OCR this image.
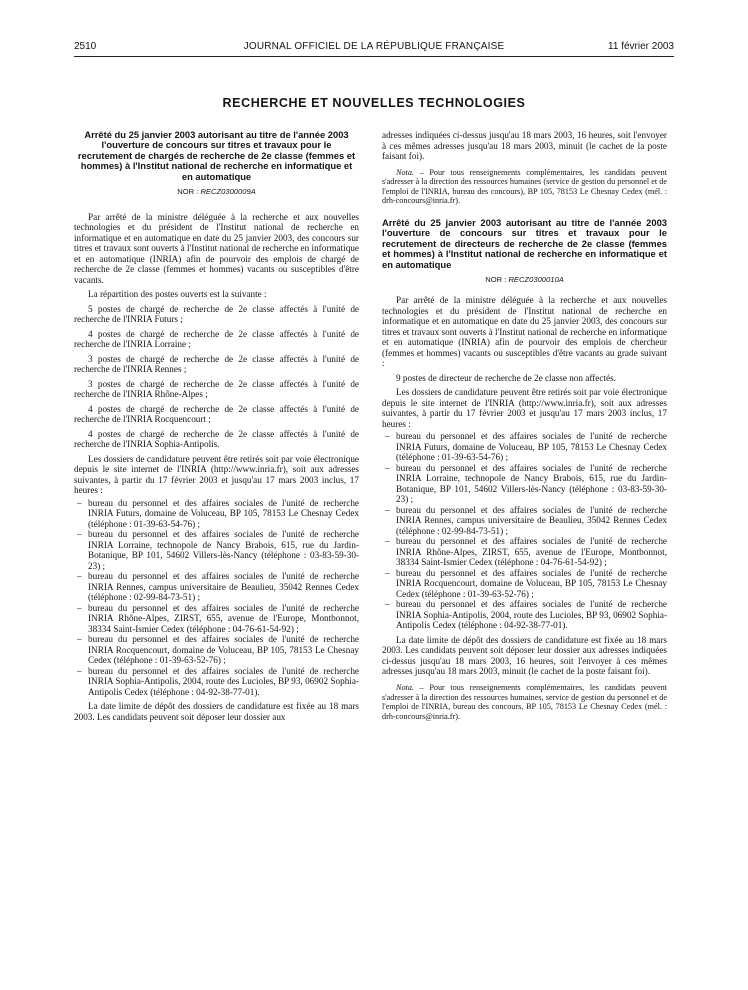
2510	JOURNAL OFFICIEL DE LA RÉPUBLIQUE FRANÇAISE	11 février 2003
RECHERCHE ET NOUVELLES TECHNOLOGIES
Arrêté du 25 janvier 2003 autorisant au titre de l'année 2003 l'ouverture de concours sur titres et travaux pour le recrutement de chargés de recherche de 2e classe (femmes et hommes) à l'Institut national de recherche en informatique et en automatique
NOR : RECZ0300009A

Par arrêté de la ministre déléguée à la recherche et aux nouvelles technologies et du président de l'Institut national de recherche en informatique et en automatique en date du 25 janvier 2003, des concours sur titres et travaux sont ouverts à l'Institut national de recherche en informatique et en automatique (INRIA) afin de pourvoir des emplois de chargé de recherche de 2e classe (femmes et hommes) vacants ou susceptibles d'être vacants.

La répartition des postes ouverts est la suivante :

5 postes de chargé de recherche de 2e classe affectés à l'unité de recherche de l'INRIA Futurs ;

4 postes de chargé de recherche de 2e classe affectés à l'unité de recherche de l'INRIA Lorraine ;

3 postes de chargé de recherche de 2e classe affectés à l'unité de recherche de l'INRIA Rennes ;

3 postes de chargé de recherche de 2e classe affectés à l'unité de recherche de l'INRIA Rhône-Alpes ;

4 postes de chargé de recherche de 2e classe affectés à l'unité de recherche de l'INRIA Rocquencourt ;

4 postes de chargé de recherche de 2e classe affectés à l'unité de recherche de l'INRIA Sophia-Antipolis.

Les dossiers de candidature peuvent être retirés soit par voie électronique depuis le site internet de l'INRIA (http://www.inria.fr), soit aux adresses suivantes, à partir du 17 février 2003 et jusqu'au 17 mars 2003 inclus, 17 heures :

– bureau du personnel et des affaires sociales de l'unité de recherche INRIA Futurs, domaine de Voluceau, BP 105, 78153 Le Chesnay Cedex (téléphone : 01-39-63-54-76) ;
– bureau du personnel et des affaires sociales de l'unité de recherche INRIA Lorraine, technopole de Nancy Brabois, 615, rue du Jardin-Botanique, BP 101, 54602 Villers-lès-Nancy (téléphone : 03-83-59-30-23) ;
– bureau du personnel et des affaires sociales de l'unité de recherche INRIA Rennes, campus universitaire de Beaulieu, 35042 Rennes Cedex (téléphone : 02-99-84-73-51) ;
– bureau du personnel et des affaires sociales de l'unité de recherche INRIA Rhône-Alpes, ZIRST, 655, avenue de l'Europe, Montbonnot, 38334 Saint-Ismier Cedex (téléphone : 04-76-61-54-92) ;
– bureau du personnel et des affaires sociales de l'unité de recherche INRIA Rocquencourt, domaine de Voluceau, BP 105, 78153 Le Chesnay Cedex (téléphone : 01-39-63-52-76) ;
– bureau du personnel et des affaires sociales de l'unité de recherche INRIA Sophia-Antipolis, 2004, route des Lucioles, BP 93, 06902 Sophia-Antipolis Cedex (téléphone : 04-92-38-77-01).

La date limite de dépôt des dossiers de candidature est fixée au 18 mars 2003. Les candidats peuvent soit déposer leur dossier aux

adresses indiquées ci-dessus jusqu'au 18 mars 2003, 16 heures, soit l'envoyer à ces mêmes adresses jusqu'au 18 mars 2003, minuit (le cachet de la poste faisant foi).

Nota. – Pour tous renseignements complémentaires, les candidats peuvent s'adresser à la direction des ressources humaines (service de gestion du personnel et de l'emploi de l'INRIA, bureau des concours), BP 105, 78153 Le Chesnay Cedex (mél. : drh-concours@inria.fr).

Arrêté du 25 janvier 2003 autorisant au titre de l'année 2003 l'ouverture de concours sur titres et travaux pour le recrutement de directeurs de recherche de 2e classe (femmes et hommes) à l'Institut national de recherche en informatique et en automatique
NOR : RECZ0300010A

Par arrêté de la ministre déléguée à la recherche et aux nouvelles technologies et du président de l'Institut national de recherche en informatique et en automatique en date du 25 janvier 2003, des concours sur titres et travaux sont ouverts à l'Institut national de recherche en informatique et en automatique (INRIA) afin de pourvoir des emplois de chercheur (femmes et hommes) vacants ou susceptibles d'être vacants au grade suivant :

9 postes de directeur de recherche de 2e classe non affectés.

Les dossiers de candidature peuvent être retirés soit par voie électronique depuis le site internet de l'INRIA (http://www.inria.fr), soit aux adresses suivantes, à partir du 17 février 2003 et jusqu'au 17 mars 2003 inclus, 17 heures :

– bureau du personnel et des affaires sociales de l'unité de recherche INRIA Futurs, domaine de Voluceau, BP 105, 78153 Le Chesnay Cedex (téléphone : 01-39-63-54-76) ;
– bureau du personnel et des affaires sociales de l'unité de recherche INRIA Lorraine, technopole de Nancy Brabois, 615, rue du Jardin-Botanique, BP 101, 54602 Villers-lès-Nancy (téléphone : 03-83-59-30-23) ;
– bureau du personnel et des affaires sociales de l'unité de recherche INRIA Rennes, campus universitaire de Beaulieu, 35042 Rennes Cedex (téléphone : 02-99-84-73-51) ;
– bureau du personnel et des affaires sociales de l'unité de recherche INRIA Rhône-Alpes, ZIRST, 655, avenue de l'Europe, Montbonnot, 38334 Saint-Ismier Cedex (téléphone : 04-76-61-54-92) ;
– bureau du personnel et des affaires sociales de l'unité de recherche INRIA Rocquencourt, domaine de Voluceau, BP 105, 78153 Le Chesnay Cedex (téléphone : 01-39-63-52-76) ;
– bureau du personnel et des affaires sociales de l'unité de recherche INRIA Sophia-Antipolis, 2004, route des Lucioles, BP 93, 06902 Sophia-Antipolis Cedex (téléphone : 04-92-38-77-01).

La date limite de dépôt des dossiers de candidature est fixée au 18 mars 2003. Les candidats peuvent soit déposer leur dossier aux adresses indiquées ci-dessus jusqu'au 18 mars 2003, 16 heures, soit l'envoyer à ces mêmes adresses jusqu'au 18 mars 2003, minuit (le cachet de la poste faisant foi).

Nota. – Pour tous renseignements complémentaires, les candidats peuvent s'adresser à la direction des ressources humaines, service de gestion du personnel et de l'emploi de l'INRIA, bureau des concours, BP 105, 78153 Le Chesnay Cedex (mél. : drh-concours@inria.fr).
